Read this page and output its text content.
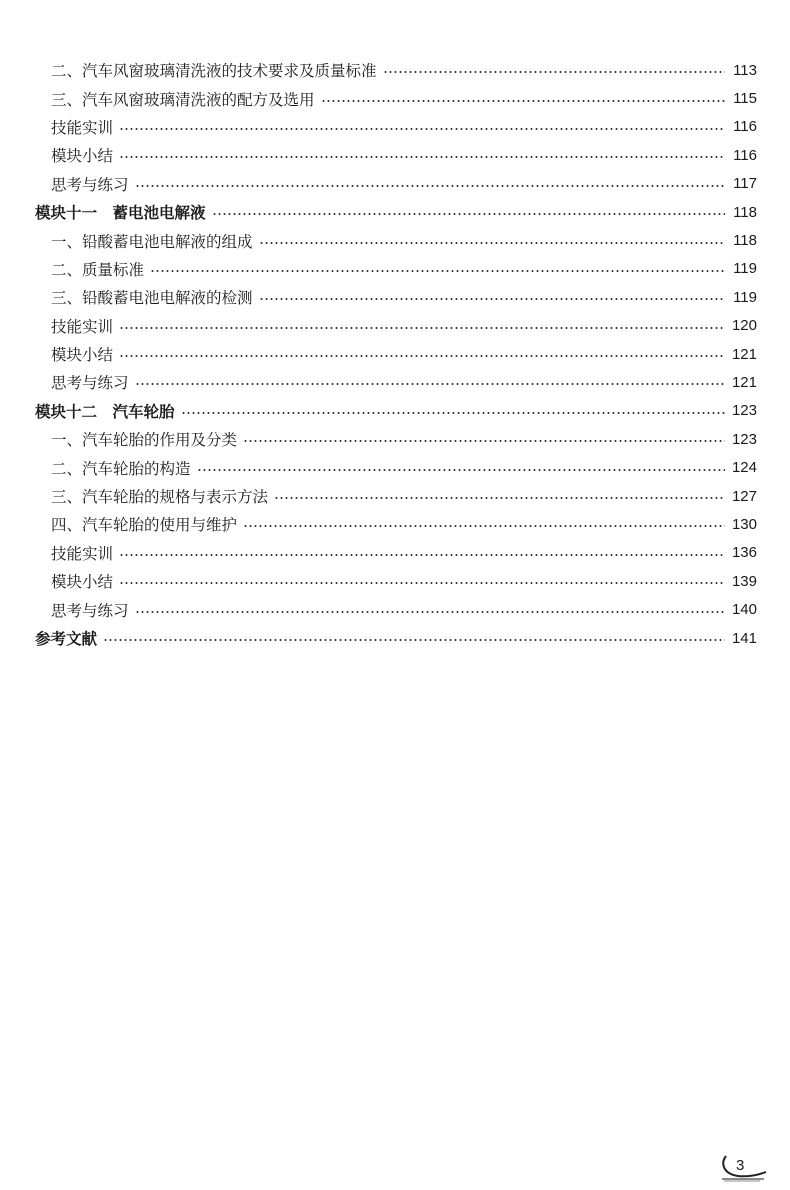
二、汽车风窗玻璃清洗液的技术要求及质量标准	113
三、汽车风窗玻璃清洗液的配方及选用	115
技能实训	116
模块小结	116
思考与练习	117
模块十一　蓄电池电解液	118
一、铅酸蓄电池电解液的组成	118
二、质量标准	119
三、铅酸蓄电池电解液的检测	119
技能实训	120
模块小结	121
思考与练习	121
模块十二　汽车轮胎	123
一、汽车轮胎的作用及分类	123
二、汽车轮胎的构造	124
三、汽车轮胎的规格与表示方法	127
四、汽车轮胎的使用与维护	130
技能实训	136
模块小结	139
思考与练习	140
参考文献	141
3
